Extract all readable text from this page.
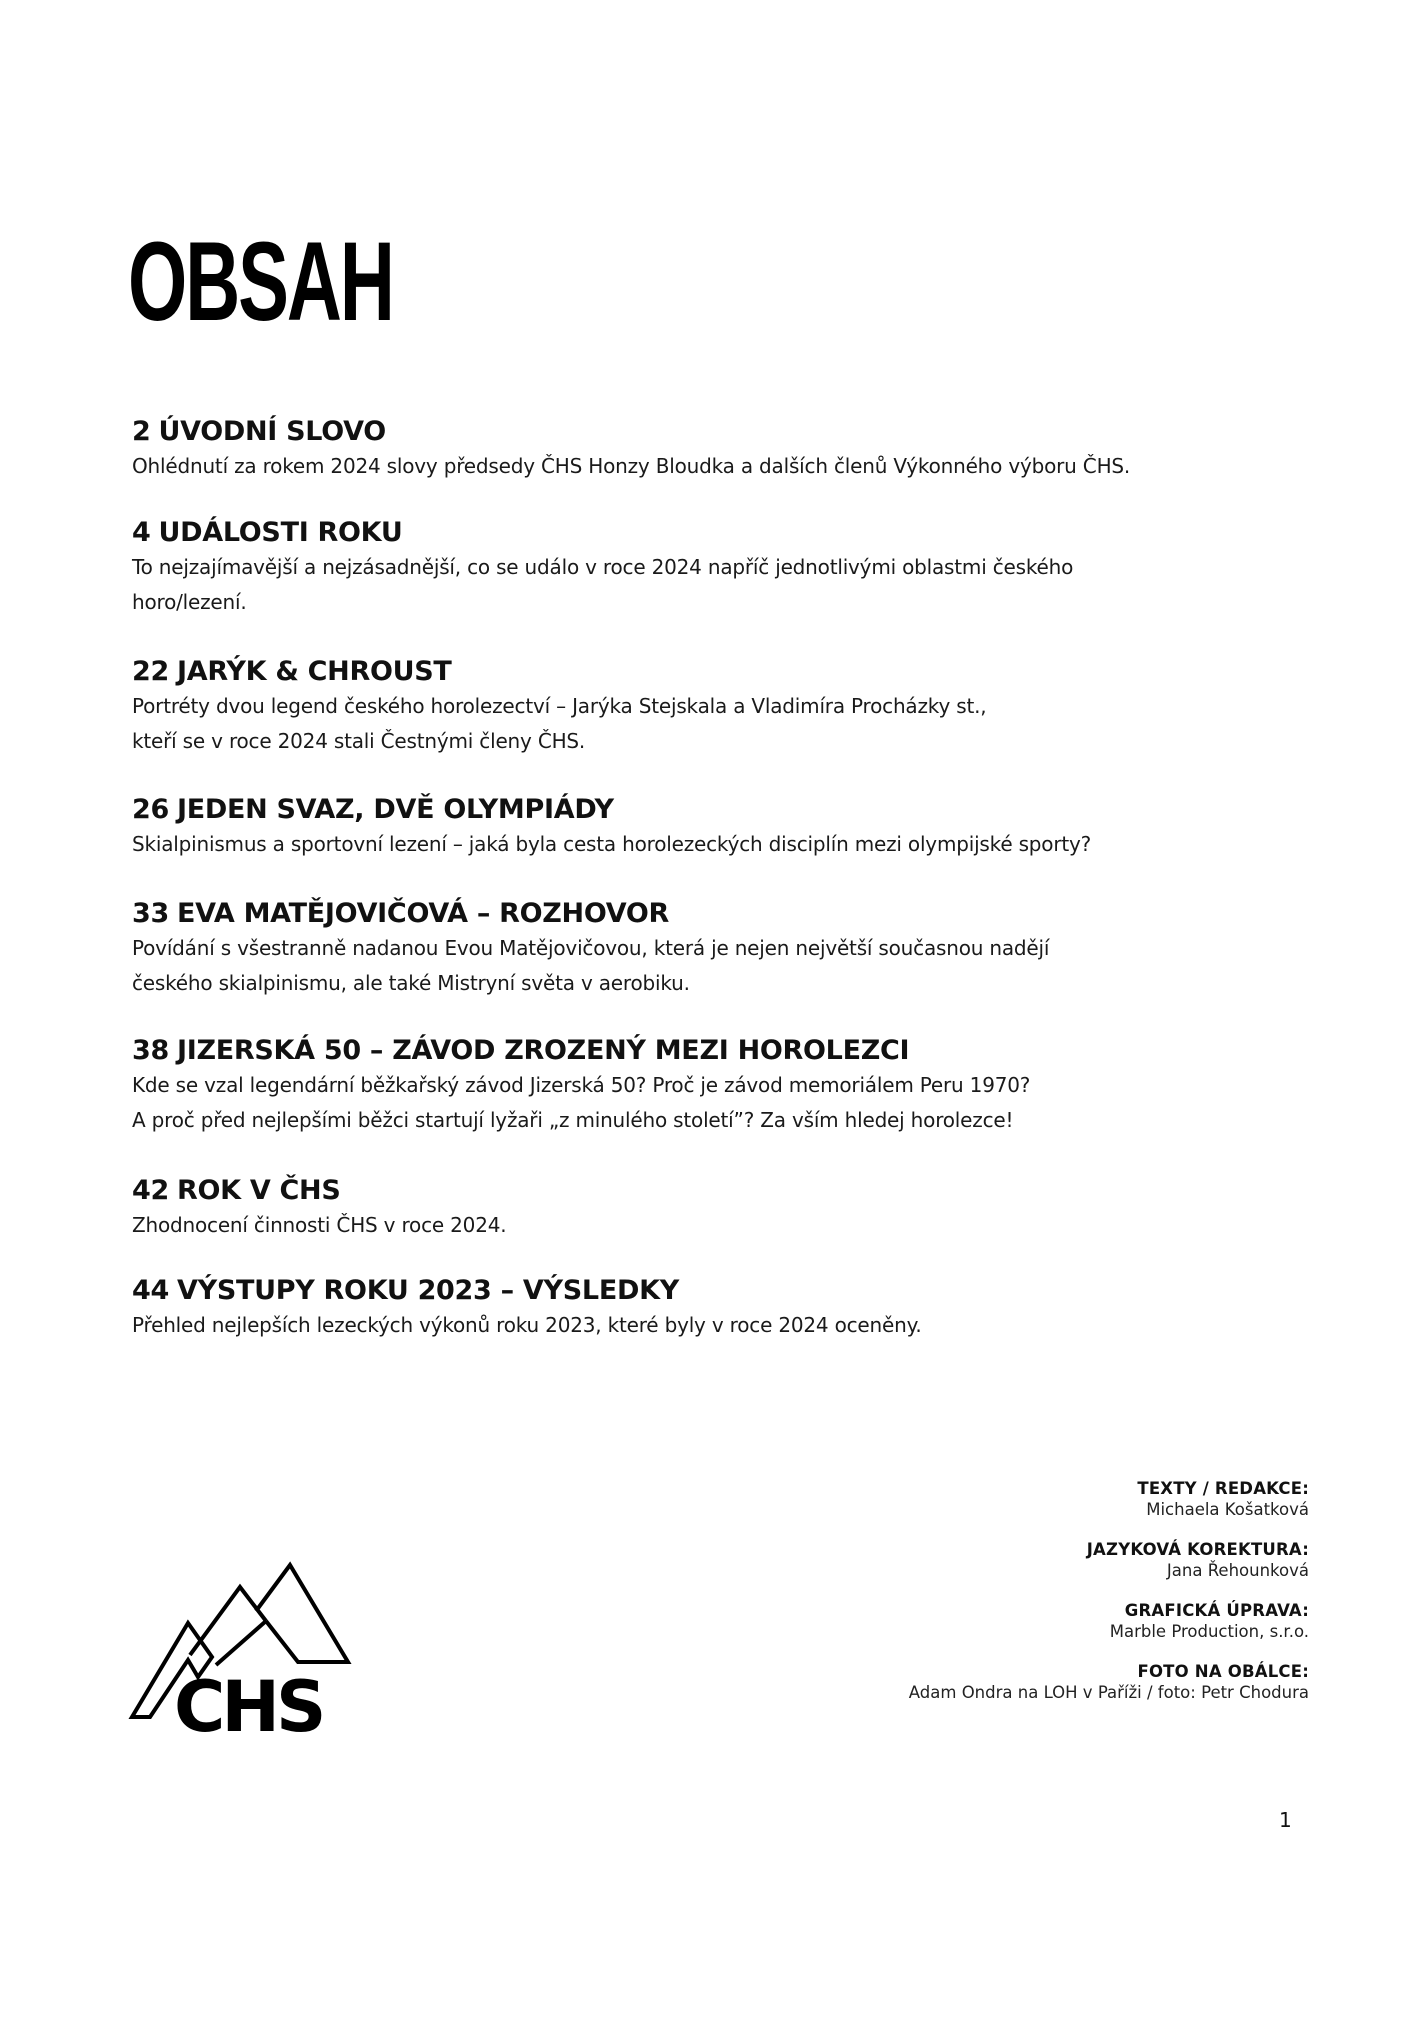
OBSAH
2 ÚVODNÍ SLOVO
Ohlédnutí za rokem 2024 slovy předsedy ČHS Honzy Bloudka a dalších členů Výkonného výboru ČHS.
4 UDÁLOSTI ROKU
To nejzajímavější a nejzásadnější, co se událo v roce 2024 napříč jednotlivými oblastmi českého
horo/lezení.
22 JARÝK & CHROUST
Portréty dvou legend českého horolezectví – Jarýka Stejskala a Vladimíra Procházky st.,
kteří se v roce 2024 stali Čestnými členy ČHS.
26 JEDEN SVAZ, DVĚ OLYMPIÁDY
Skialpinismus a sportovní lezení – jaká byla cesta horolezeckých disciplín mezi olympijské sporty?
33 EVA MATĚJOVIČOVÁ – ROZHOVOR
Povídání s všestranně nadanou Evou Matějovičovou, která je nejen největší současnou nadějí
českého skialpinismu, ale také Mistryní světa v aerobiku.
38 JIZERSKÁ 50 – ZÁVOD ZROZENÝ MEZI HOROLEZCI
Kde se vzal legendární běžkařský závod Jizerská 50? Proč je závod memoriálem Peru 1970?
A proč před nejlepšími běžci startují lyžaři „z minulého století”? Za vším hledej horolezce!
42 ROK V ČHS
Zhodnocení činnosti ČHS v roce 2024.
44 VÝSTUPY ROKU 2023 – VÝSLEDKY
Přehled nejlepších lezeckých výkonů roku 2023, které byly v roce 2024 oceněny.
CHS
TEXTY / REDAKCE:
Michaela Košatková
JAZYKOVÁ KOREKTURA:
Jana Řehounková
GRAFICKÁ ÚPRAVA:
Marble Production, s.r.o.
FOTO NA OBÁLCE:
Adam Ondra na LOH v Paříži / foto: Petr Chodura
1
